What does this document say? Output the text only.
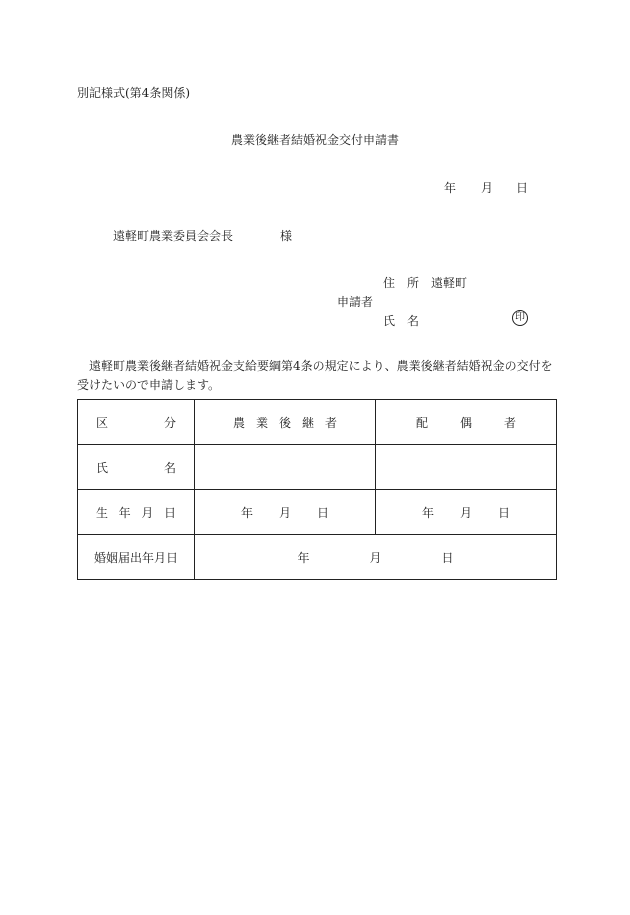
別記様式(第4条関係)
農業後継者結婚祝金交付申請書
年 月 日
遠軽町農業委員会会長	様
住　所 遠軽町
申請者
氏　名	印
遠軽町農業後継者結婚祝金支給要綱第4条の規定により、農業後継者結婚祝金の交付を受けたいので申請します。
区 分	農 業 後 継 者	配 偶 者

氏 名		

生 年 月 日	年 月 日	年 月 日

婚姻届出年月日	年 月 日	
